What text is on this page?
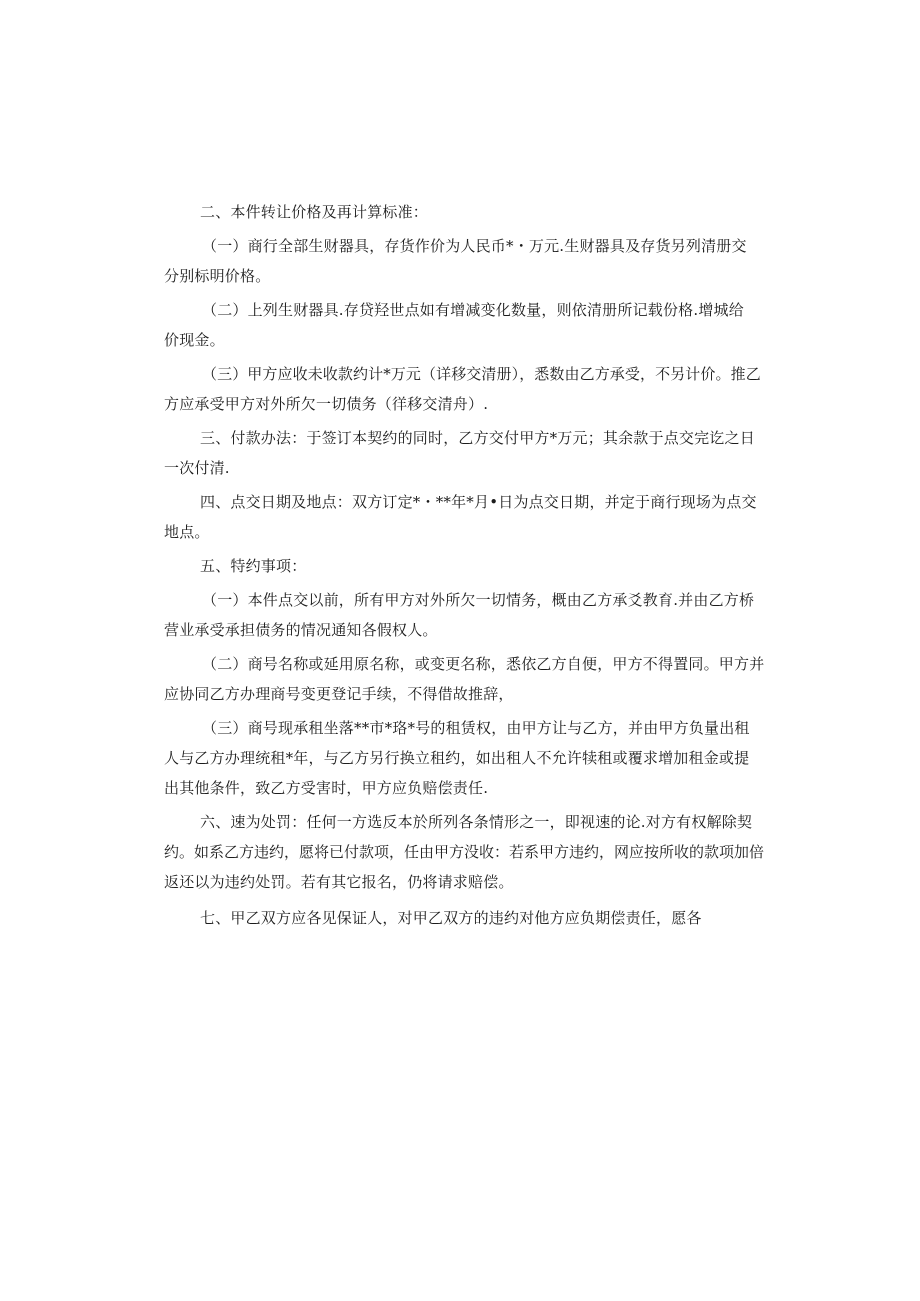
二、本件转让价格及再计算标准：
（一）商行全部生财器具，存货作价为人民币*・万元.生财器具及存货另列清册交
分别标明价格。
（二）上列生财器具.存贷羟世点如有增减变化数量，则依清册所记载份格.增城给
价现金。
（三）甲方应收未收款约计*万元（详移交清册），悉数由乙方承受，不另计价。推乙
方应承受甲方对外所欠一切债务（徉移交清舟）.
三、付款办法：于签订本契约的同时，乙方交付甲方*万元；其余款于点交完讫之日
一次付清.
四、点交日期及地点：双方订定*・**年*月•日为点交日期，并定于商行现场为点交
地点。
五、特约事项：
（一）本件点交以前，所有甲方对外所欠一切情务，概由乙方承爻教育.并由乙方桥
营业承受承担债务的情况通知各假权人。
（二）商号名称或延用原名称，或变更名称，悉依乙方自便，甲方不得置同。甲方并
应协同乙方办理商号变更登记手续，不得借故推辞，
（三）商号现承租坐落**市*珞*号的租赁权，由甲方让与乙方，并由甲方负量出租
人与乙方办理统租*年，与乙方另行换立租约，如出租人不允许犊租或覆求增加租金或提
出其他条件，致乙方受害时，甲方应负赔偿责任.
六、速为处罚：任何一方选反本於所列各条情形之一，即视速的论.对方有权解除契
约。如系乙方违约，愿将已付款项，任由甲方没收：若系甲方违约，网应按所收的款项加倍
返还以为违约处罚。若有其它报名，仍将请求赔偿。
七、甲乙双方应各见保证人，对甲乙双方的违约对他方应负期偿责任，愿各
